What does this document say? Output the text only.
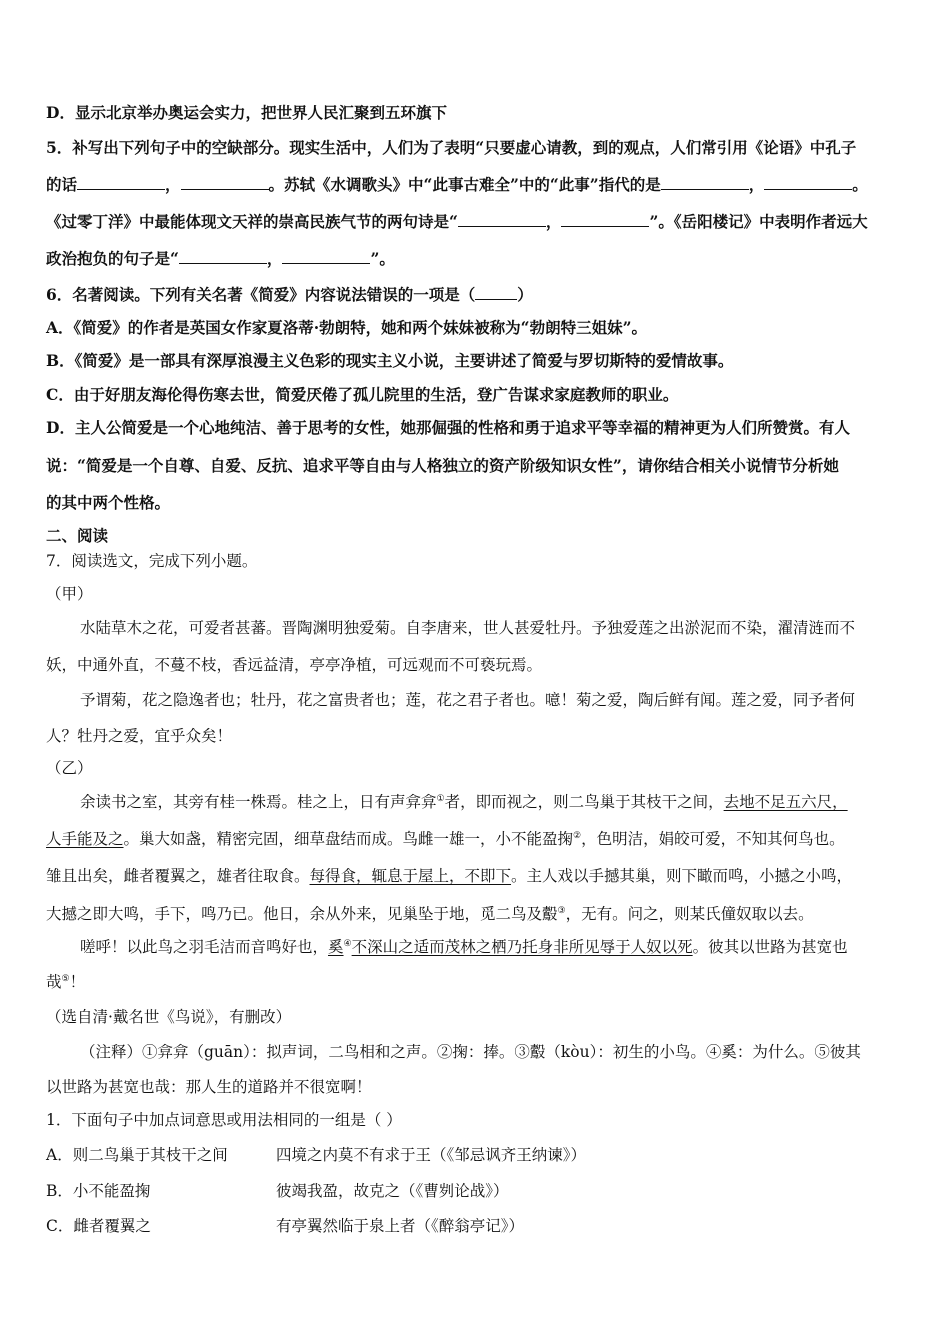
D．显示北京举办奥运会实力，把世界人民汇聚到五环旗下
5．补写出下列句子中的空缺部分。现实生活中，人们为了表明“只要虚心请教，到的观点，人们常引用《论语》中孔子
的话	，	。苏轼《水调歌头》中“此事古难全”中的“此事”指代的是	，	。
《过零丁洋》中最能体现文天祥的崇高民族气节的两句诗是“	，	”。《岳阳楼记》中表明作者远大
政治抱负的句子是“	，	”。
6．名著阅读。下列有关名著《简爱》内容说法错误的一项是（	）
A．《简爱》的作者是英国女作家夏洛蒂·勃朗特，她和两个妹妹被称为“勃朗特三姐妹”。
B．《简爱》是一部具有深厚浪漫主义色彩的现实主义小说，主要讲述了简爱与罗切斯特的爱情故事。
C．由于好朋友海伦得伤寒去世，简爱厌倦了孤儿院里的生活，登广告谋求家庭教师的职业。
D．主人公简爱是一个心地纯洁、善于思考的女性，她那倔强的性格和勇于追求平等幸福的精神更为人们所赞赏。有人
说：“简爱是一个自尊、自爱、反抗、追求平等自由与人格独立的资产阶级知识女性”，请你结合相关小说情节分析她
的其中两个性格。
二、阅读
7．阅读选文，完成下列小题。
（甲）
水陆草木之花，可爱者甚蕃。晋陶渊明独爱菊。自李唐来，世人甚爱牡丹。予独爱莲之出淤泥而不染，濯清涟而不
妖，中通外直，不蔓不枝，香远益清，亭亭净植，可远观而不可亵玩焉。
予谓菊，花之隐逸者也；牡丹，花之富贵者也；莲，花之君子者也。噫！菊之爱，陶后鲜有闻。莲之爱，同予者何
人？牡丹之爱，宜乎众矣！
（乙）
余读书之室，其旁有桂一株焉。桂之上，日有声弇弇①者，即而视之，则二鸟巢于其枝干之间，去地不足五六尺，
人手能及之。巢大如盏，精密完固，细草盘结而成。鸟雌一雄一，小不能盈掬②，色明洁，娟皎可爱，不知其何鸟也。
雏且出矣，雌者覆翼之，雄者往取食。每得食，辄息于屋上，不即下。主人戏以手撼其巢，则下瞰而鸣，小撼之小鸣，
大撼之即大鸣，手下，鸣乃已。他日，余从外来，见巢坠于地，觅二鸟及鷇③，无有。问之，则某氏僮奴取以去。
嗟呼！以此鸟之羽毛洁而音鸣好也，奚④不深山之适而茂林之栖乃托身非所见辱于人奴以死。彼其以世路为甚宽也
哉⑤！
（选自清·戴名世《鸟说》，有删改）
（注释）①弇弇（guān）：拟声词，二鸟相和之声。②掬：捧。③鷇（kòu）：初生的小鸟。④奚：为什么。⑤彼其
以世路为甚宽也哉：那人生的道路并不很宽啊！
1．下面句子中加点词意思或用法相同的一组是（ ）
A．则二鸟巢于其枝干之间	四境之内莫不有求于王（《邹忌讽齐王纳谏》）
B．小不能盈掬	彼竭我盈，故克之（《曹刿论战》）
C．雌者覆翼之	有亭翼然临于泉上者（《醉翁亭记》）
